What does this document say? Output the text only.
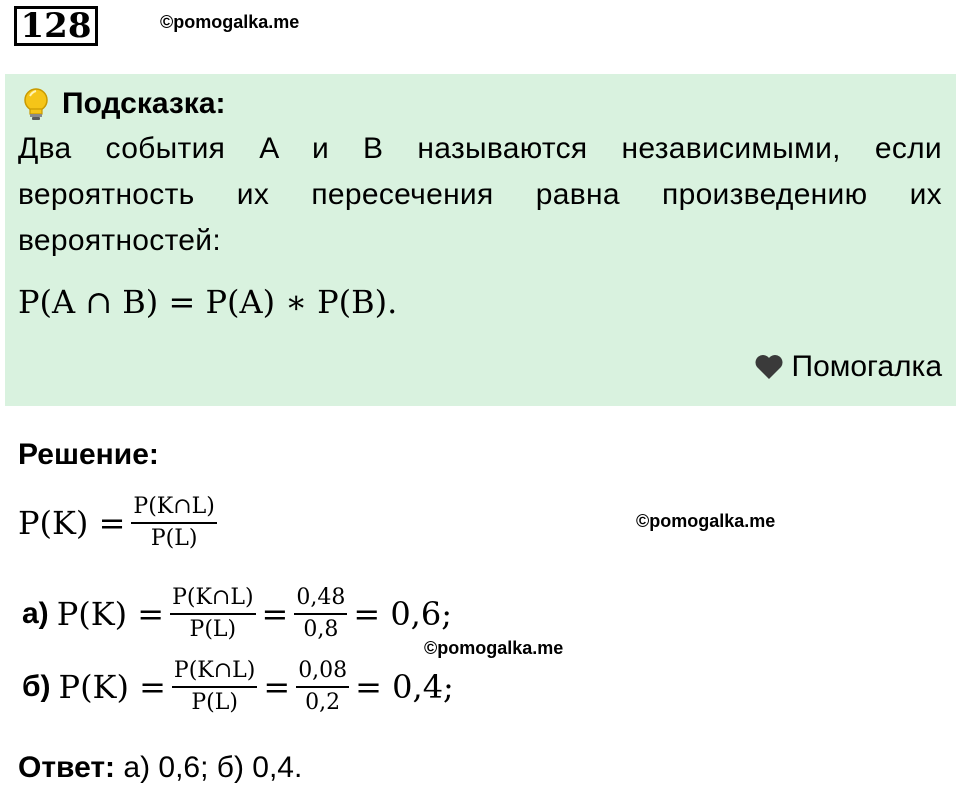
128	©pomogalka.me
Подсказка:
Два события A и B называются независимыми, если вероятность их пересечения равна произведению их вероятностей:
P(A ∩ B) = P(A) ∗ P(B).
Помогалка
Решение:
$P(K) = \frac{P(K\cap L)}{P(L)}$	©pomogalka.me
а) $P(K) = \frac{P(K\cap L)}{P(L)} = \frac{0,48}{0,8} = 0,6$;
©pomogalka.me
б) $P(K) = \frac{P(K\cap L)}{P(L)} = \frac{0,08}{0,2} = 0,4$;
Ответ: а) 0,6; б) 0,4.
